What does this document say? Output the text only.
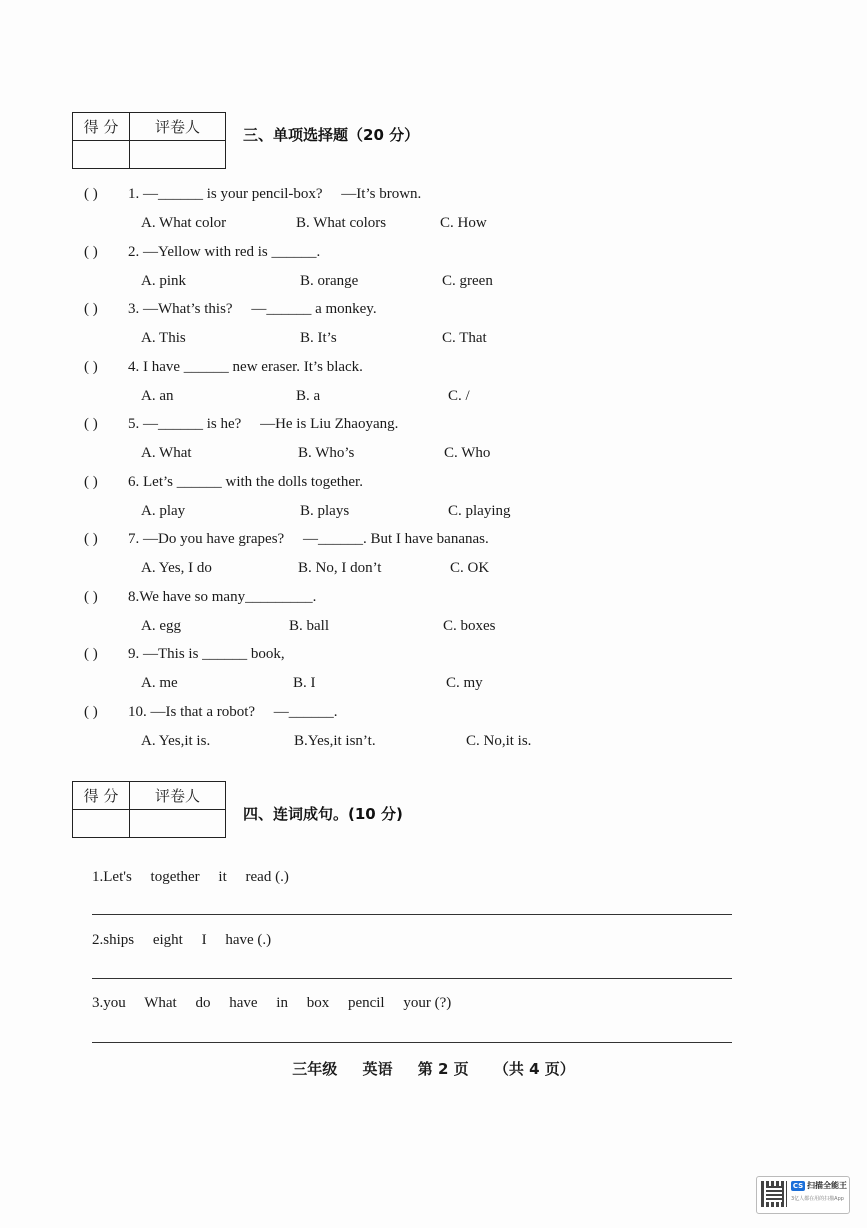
得 分	评卷人
		三、单项选择题（20 分）
( ) 1. —______ is your pencil-box?     —It’s brown.
A. What color	B. What colors	C. How
( ) 2. —Yellow with red is ______.
A. pink	B. orange	C. green
( ) 3. —What’s this?     —______ a monkey.
A. This	B. It’s	C. That
( ) 4. I have ______ new eraser. It’s black.
A. an	B. a	C. /
( ) 5. —______ is he?     —He is Liu Zhaoyang.
A. What	B. Who’s	C. Who
( ) 6. Let’s ______ with the dolls together.
A. play	B. plays	C. playing
( ) 7. —Do you have grapes?     —______. But I have bananas.
A. Yes, I do	B. No, I don’t	C. OK
( ) 8.We have so many_________.
A. egg	B. ball	C. boxes
( ) 9. —This is ______ book,
A. me	B. I	C. my
( ) 10. —Is that a robot?     —______.
A. Yes,it is.	B.Yes,it isn’t.	C. No,it is.
得 分	评卷人

四、连词成句。(10 分)
1.Let's     together     it     read (.)
2.ships     eight     I     have (.)
3.you     What     do     have     in     box     pencil     your (?)
三年级 英语 第 2 页 （共 4 页）
CS 扫描全能王
3亿人都在用的扫描App
